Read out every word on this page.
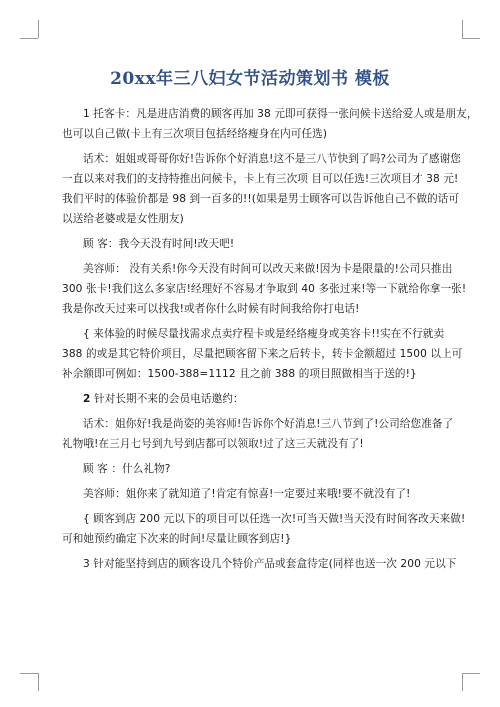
20xx年三八妇女节活动策划书 模板
1 托客卡：凡是进店消费的顾客再加 38 元即可获得一张问候卡送给爱人或是朋友，
也可以自己做(卡上有三次项目包括经络瘦身在内可任选)
话术：姐姐或哥哥你好!告诉你个好消息!这不是三八节快到了吗?公司为了感谢您
一直以来对我们的支持特推出问候卡，卡上有三次项 目可以任选!三次项目才 38 元!
我们平时的体验价都是 98 到一百多的!!(如果是男士顾客可以告诉他自己不做的话可
以送给老婆或是女性朋友)
顾 客：我今天没有时间!改天吧!
美容师： 没有关系!你今天没有时间可以改天来做!因为卡是限量的!公司只推出
300 张卡!我们这么多家店!经理好不容易才争取到 40 多张过来!等一下就给你拿一张!
我是你改天过来可以找我!或者你什么时候有时间我给你打电话!
{ 来体验的时候尽量找需求点卖疗程卡或是经络瘦身或美容卡!!实在不行就卖
388 的或是其它特价项目，尽量把顾客留下来之后转卡，转卡金额超过 1500 以上可
补余额即可例如：1500-388=1112 且之前 388 的项目照做相当于送的!}
2 针对长期不来的会员电话邀约：
话术：姐你好!我是尚姿的美容师!告诉你个好消息!三八节到了!公司给您准备了
礼物哦!在三月七号到九号到店都可以领取!过了这三天就没有了!
顾 客 ：什么礼物?
美容师：姐你来了就知道了!肯定有惊喜!一定要过来哦!要不就没有了!
{ 顾客到店 200 元以下的项目可以任选一次!可当天做!当天没有时间客改天来做!
可和她预约确定下次来的时间!尽量让顾客到店!}
3 针对能坚持到店的顾客设几个特价产品或套盒待定(同样也送一次 200 元以下
